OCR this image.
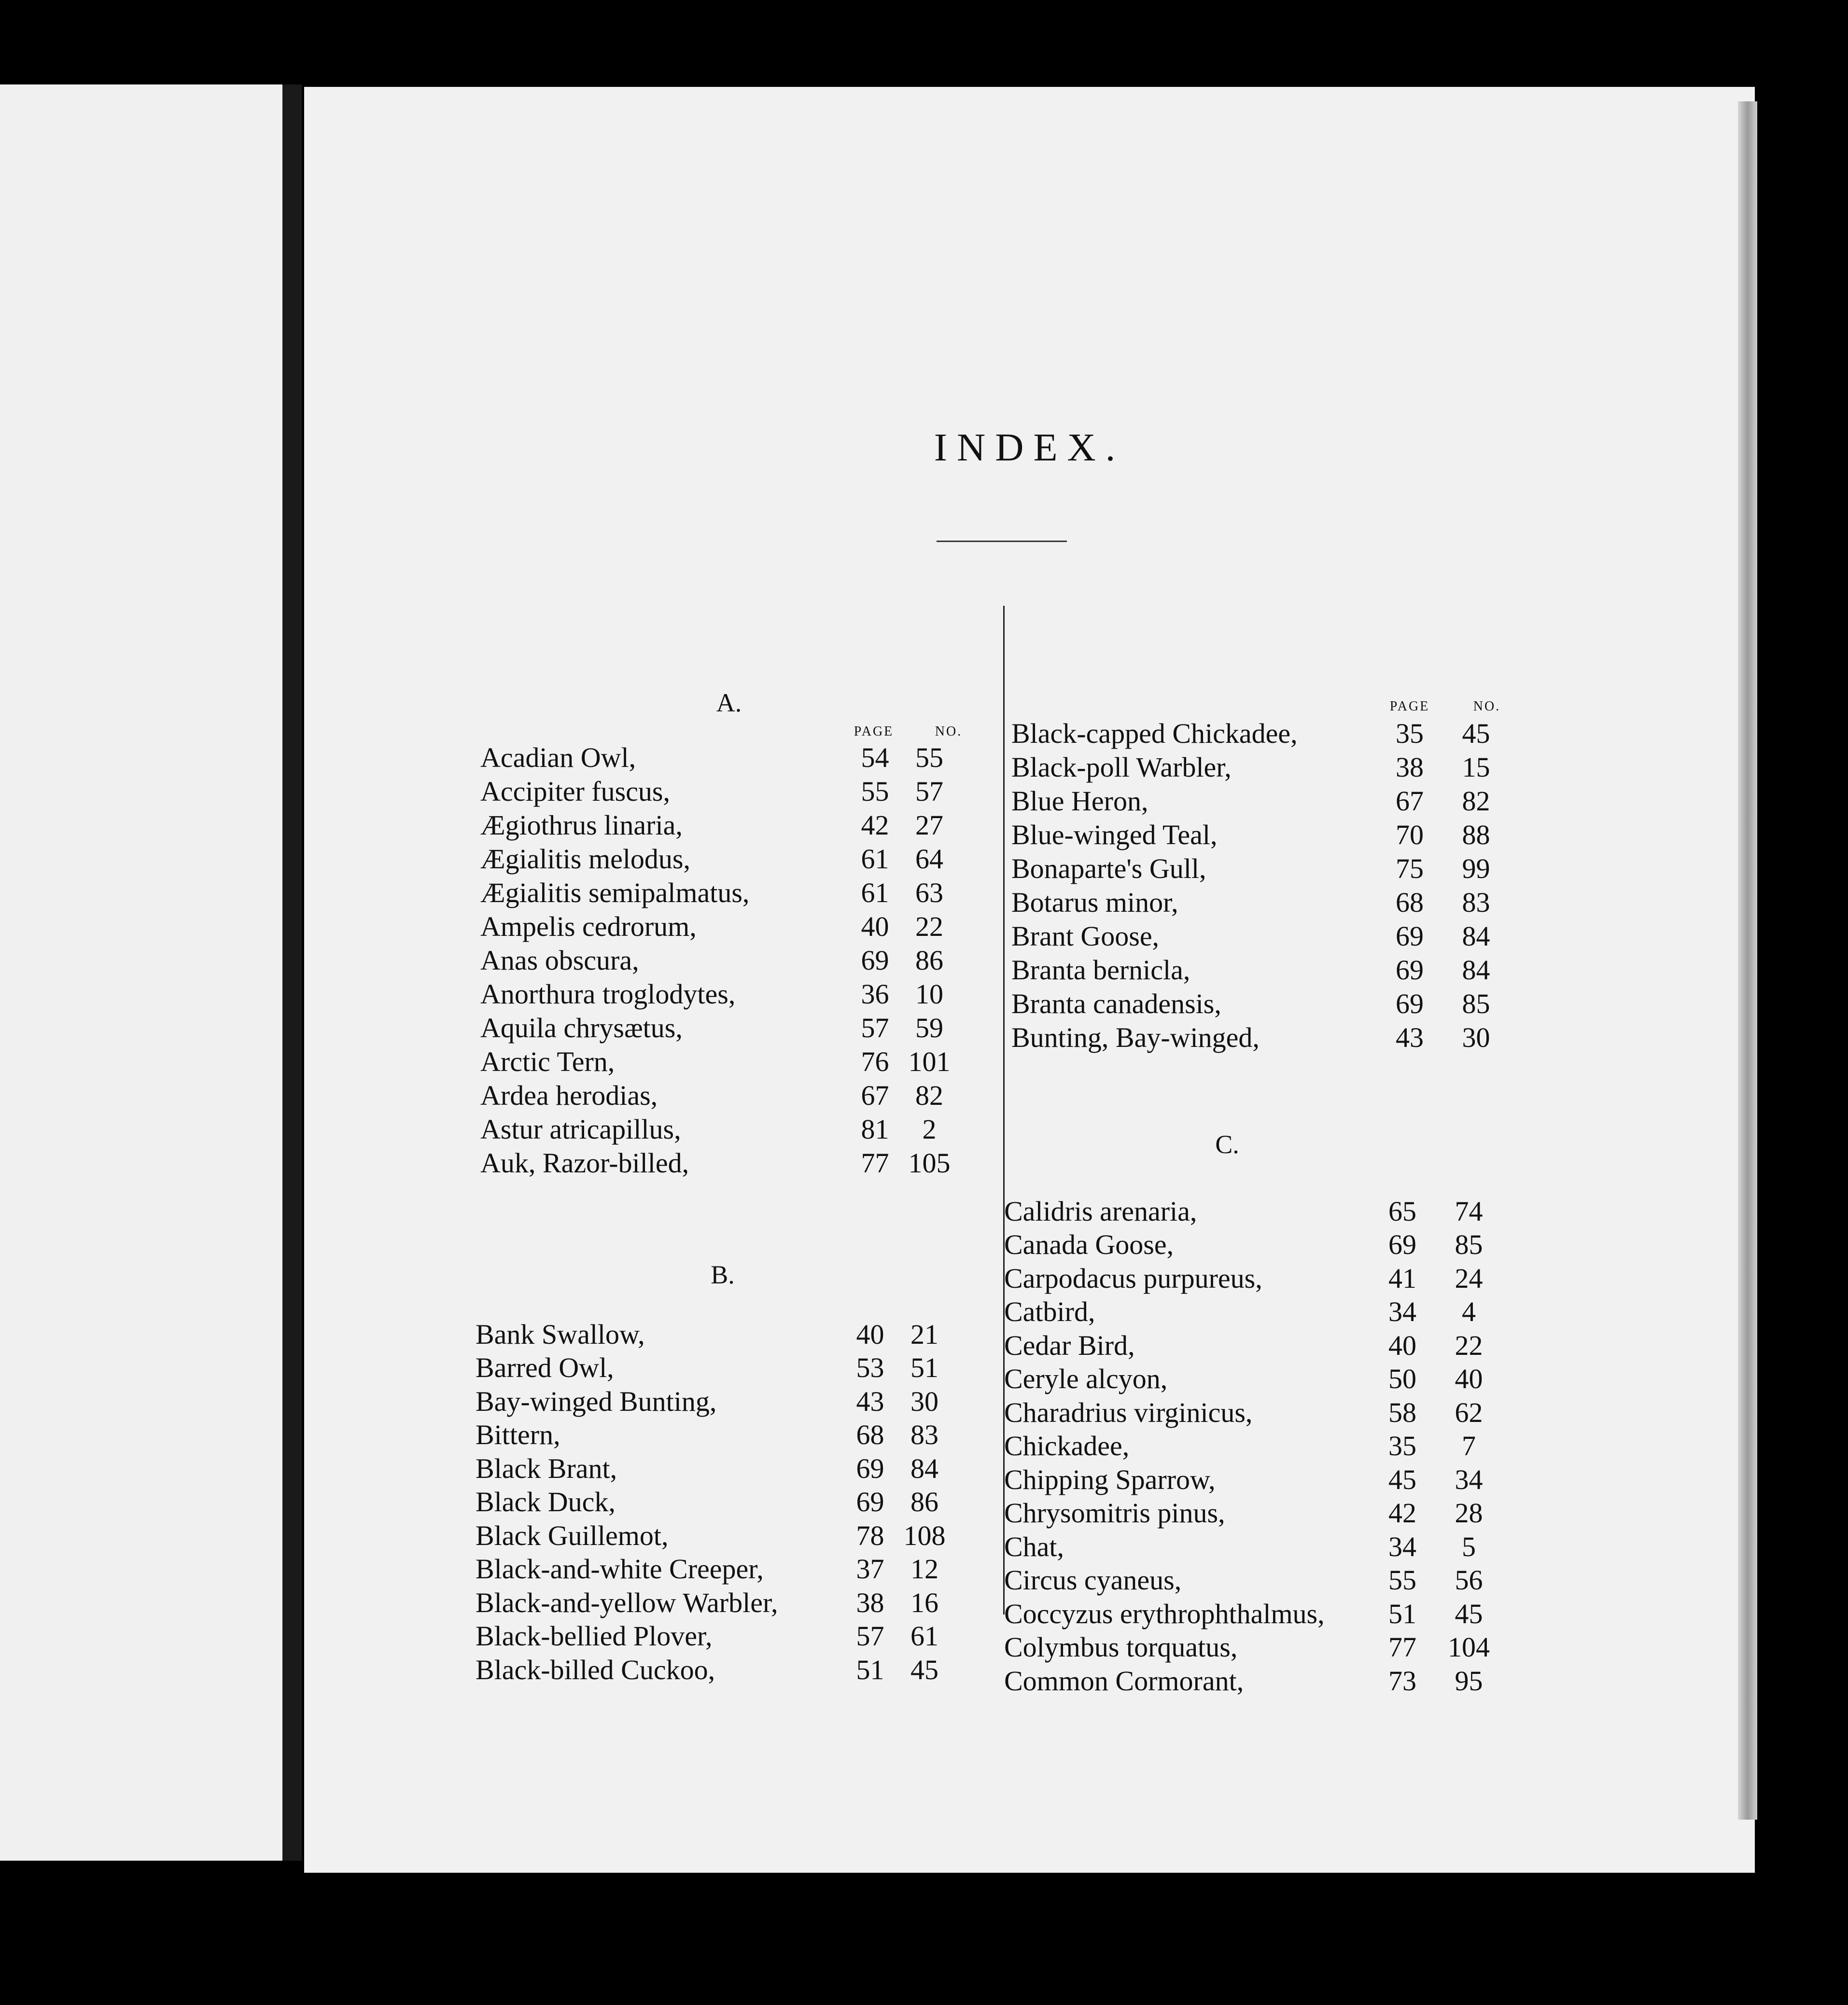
INDEX.
A.
PAGE	NO.
Acadian Owl,	54 55
Accipiter fuscus,	55 57
Ægiothrus linaria,	42 27
Ægialitis melodus,	61 64
Ægialitis semipalmatus,	61 63
Ampelis cedrorum,	40 22
Anas obscura,	69 86
Anorthura troglodytes,	36 10
Aquila chrysætus,	57 59
Arctic Tern,	76 101
Ardea herodias,	67 82
Astur atricapillus,	81	2
Auk, Razor-billed,	77 105
B.
Bank Swallow,	40 21
Barred Owl,	53 51
Bay-winged Bunting,	43 30
Bittern,	68 83
Black Brant,	69 84
Black Duck,	69 86
Black Guillemot,	78 108
Black-and-white Creeper,	37 12
Black-and-yellow Warbler,	38 16
Black-bellied Plover,	57 61
Black-billed Cuckoo,	51 45
PAGE	NO.
Black-capped Chickadee,	35	45
Black-poll Warbler,	38	15
Blue Heron,	67	82
Blue-winged Teal,	70	88
Bonaparte's Gull,	75	99
Botarus minor,	68	83
Brant Goose,	69	84
Branta bernicla,	69	84
Branta canadensis,	69	85
Bunting, Bay-winged,	43	30
C.
Calidris arenaria,	65	74
Canada Goose,	69	85
Carpodacus purpureus,	41	24
Catbird,	34	4
Cedar Bird,	40	22
Ceryle alcyon,	50	40
Charadrius virginicus,	58	62
Chickadee,	35	7
Chipping Sparrow,	45	34
Chrysomitris pinus,	42	28
Chat,	34	5
Circus cyaneus,	55	56
Coccyzus erythrophthalmus,	51	45
Colymbus torquatus,	77	104
Common Cormorant,	73	95
